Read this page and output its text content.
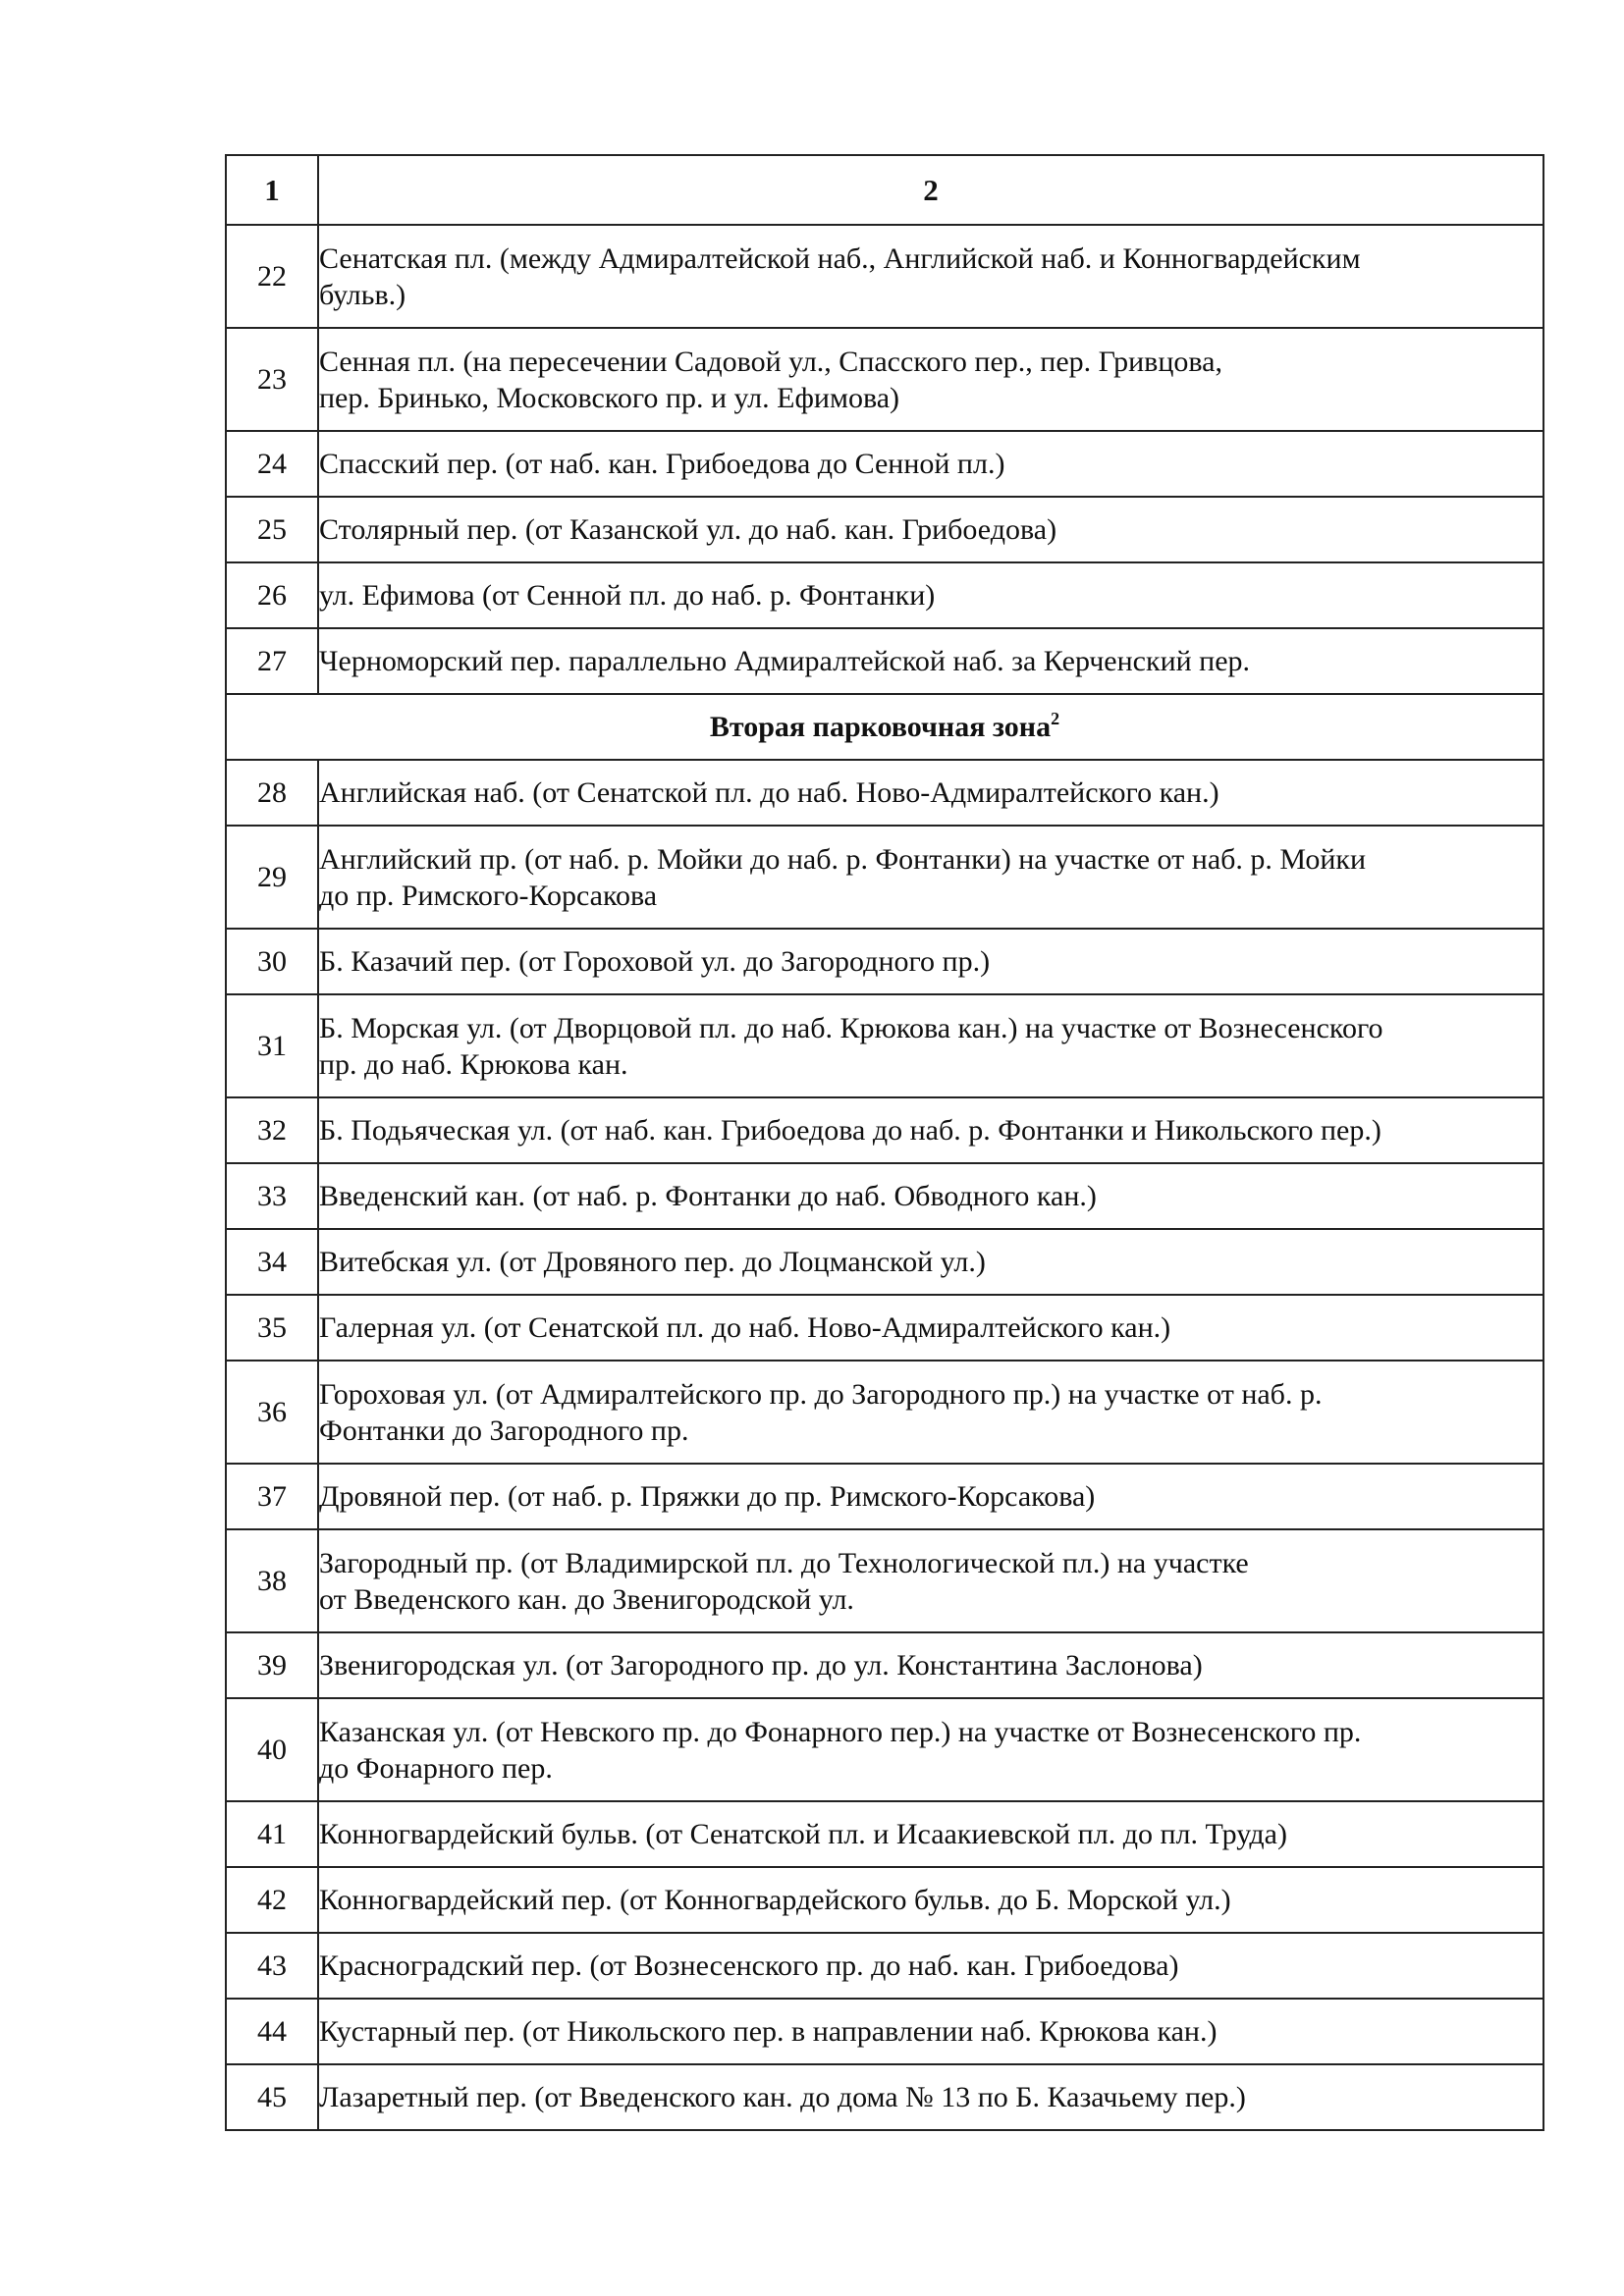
1	2
22	Сенатская пл. (между Адмиралтейской наб., Английской наб. и Конногвардейским
бульв.)

23	Сенная пл. (на пересечении Садовой ул., Спасского пер., пер. Гривцова,
пер. Бринько, Московского пр. и ул. Ефимова)

24	Спасский пер. (от наб. кан. Грибоедова до Сенной пл.)

25	Столярный пер. (от Казанской ул. до наб. кан. Грибоедова)

26	ул. Ефимова (от Сенной пл. до наб. р. Фонтанки)

27	Черноморский пер. параллельно Адмиралтейской наб. за Керченский пер.

Вторая парковочная зона$^2$
28	Английская наб. (от Сенатской пл. до наб. Ново-Адмиралтейского кан.)

29	Английский пр. (от наб. р. Мойки до наб. р. Фонтанки) на участке от наб. р. Мойки
до пр. Римского-Корсакова

30	Б. Казачий пер. (от Гороховой ул. до Загородного пр.)

31	Б. Морская ул. (от Дворцовой пл. до наб. Крюкова кан.) на участке от Вознесенского
пр. до наб. Крюкова кан.

32	Б. Подьяческая ул. (от наб. кан. Грибоедова до наб. р. Фонтанки и Никольского пер.)

33	Введенский кан. (от наб. р. Фонтанки до наб. Обводного кан.)

34	Витебская ул. (от Дровяного пер. до Лоцманской ул.)

35	Галерная ул. (от Сенатской пл. до наб. Ново-Адмиралтейского кан.)

36	Гороховая ул. (от Адмиралтейского пр. до Загородного пр.) на участке от наб. р.
Фонтанки до Загородного пр.

37	Дровяной пер. (от наб. р. Пряжки до пр. Римского-Корсакова)

38	Загородный пр. (от Владимирской пл. до Технологической пл.) на участке
от Введенского кан. до Звенигородской ул.

39	Звенигородская ул. (от Загородного пр. до ул. Константина Заслонова)

40	Казанская ул. (от Невского пр. до Фонарного пер.) на участке от Вознесенского пр.
до Фонарного пер.

41	Конногвардейский бульв. (от Сенатской пл. и Исаакиевской пл. до пл. Труда)

42	Конногвардейский пер. (от Конногвардейского бульв. до Б. Морской ул.)

43	Красноградский пер. (от Вознесенского пр. до наб. кан. Грибоедова)

44	Кустарный пер. (от Никольского пер. в направлении наб. Крюкова кан.)

45	Лазаретный пер. (от Введенского кан. до дома № 13 по Б. Казачьему пер.)
